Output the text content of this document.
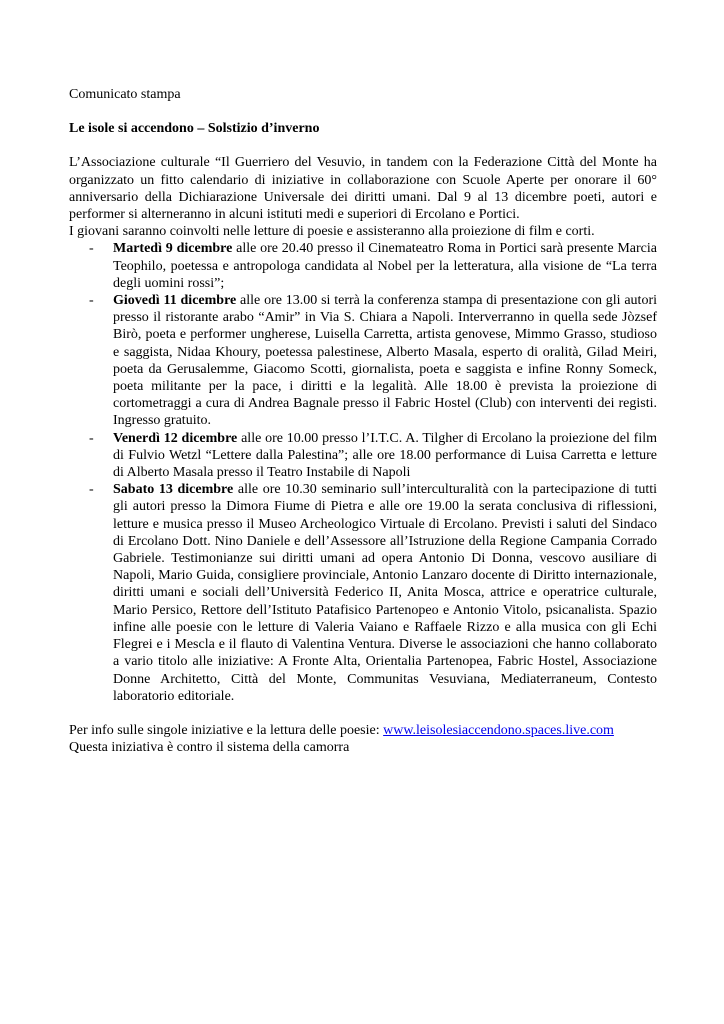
Comunicato stampa

Le isole si accendono – Solstizio d’inverno

L’Associazione culturale “Il Guerriero del Vesuvio, in tandem con la Federazione Città del Monte ha organizzato un fitto calendario di iniziative in collaborazione con Scuole Aperte per onorare il 60° anniversario della Dichiarazione Universale dei diritti umani. Dal 9 al 13 dicembre poeti, autori e performer si alterneranno in alcuni istituti medi e superiori di Ercolano e Portici.

I giovani saranno coinvolti nelle letture di poesie e assisteranno alla proiezione di film e corti.

- Martedì 9 dicembre alle ore 20.40 presso il Cinemateatro Roma in Portici sarà presente Marcia Teophilo, poetessa e antropologa candidata al Nobel per la letteratura, alla visione de “La terra degli uomini rossi”;
- Giovedì 11 dicembre alle ore 13.00 si terrà la conferenza stampa di presentazione con gli autori presso il ristorante arabo “Amir” in Via S. Chiara a Napoli. Interverranno in quella sede Jòzsef Birò, poeta e performer ungherese, Luisella Carretta, artista genovese, Mimmo Grasso, studioso e saggista, Nidaa Khoury, poetessa palestinese, Alberto Masala, esperto di oralità, Gilad Meiri, poeta da Gerusalemme, Giacomo Scotti, giornalista, poeta e saggista e infine Ronny Someck, poeta militante per la pace, i diritti e la legalità. Alle 18.00 è prevista la proiezione di cortometraggi a cura di Andrea Bagnale presso il Fabric Hostel (Club) con interventi dei registi. Ingresso gratuito.
- Venerdì 12 dicembre alle ore 10.00 presso l’I.T.C. A. Tilgher di Ercolano la proiezione del film di Fulvio Wetzl “Lettere dalla Palestina”; alle ore 18.00 performance di Luisa Carretta e letture di Alberto Masala presso il Teatro Instabile di Napoli
- Sabato 13 dicembre alle ore 10.30 seminario sull’interculturalità con la partecipazione di tutti gli autori presso la Dimora Fiume di Pietra e alle ore 19.00 la serata conclusiva di riflessioni, letture e musica presso il Museo Archeologico Virtuale di Ercolano. Previsti i saluti del Sindaco di Ercolano Dott. Nino Daniele e dell’Assessore all’Istruzione della Regione Campania Corrado Gabriele. Testimonianze sui diritti umani ad opera Antonio Di Donna, vescovo ausiliare di Napoli, Mario Guida, consigliere provinciale, Antonio Lanzaro docente di Diritto internazionale, diritti umani e sociali dell’Università Federico II, Anita Mosca, attrice e operatrice culturale, Mario Persico, Rettore dell’Istituto Patafisico Partenopeo e Antonio Vitolo, psicanalista. Spazio infine alle poesie con le letture di Valeria Vaiano e Raffaele Rizzo e alla musica con gli Echi Flegrei e i Mescla e il flauto di Valentina Ventura. Diverse le associazioni che hanno collaborato a vario titolo alle iniziative: A Fronte Alta, Orientalia Partenopea, Fabric Hostel, Associazione Donne Architetto, Città del Monte, Communitas Vesuviana, Mediaterraneum, Contesto laboratorio editoriale.

Per info sulle singole iniziative e la lettura delle poesie: www.leisolesiaccendono.spaces.live.com

Questa iniziativa è contro il sistema della camorra
